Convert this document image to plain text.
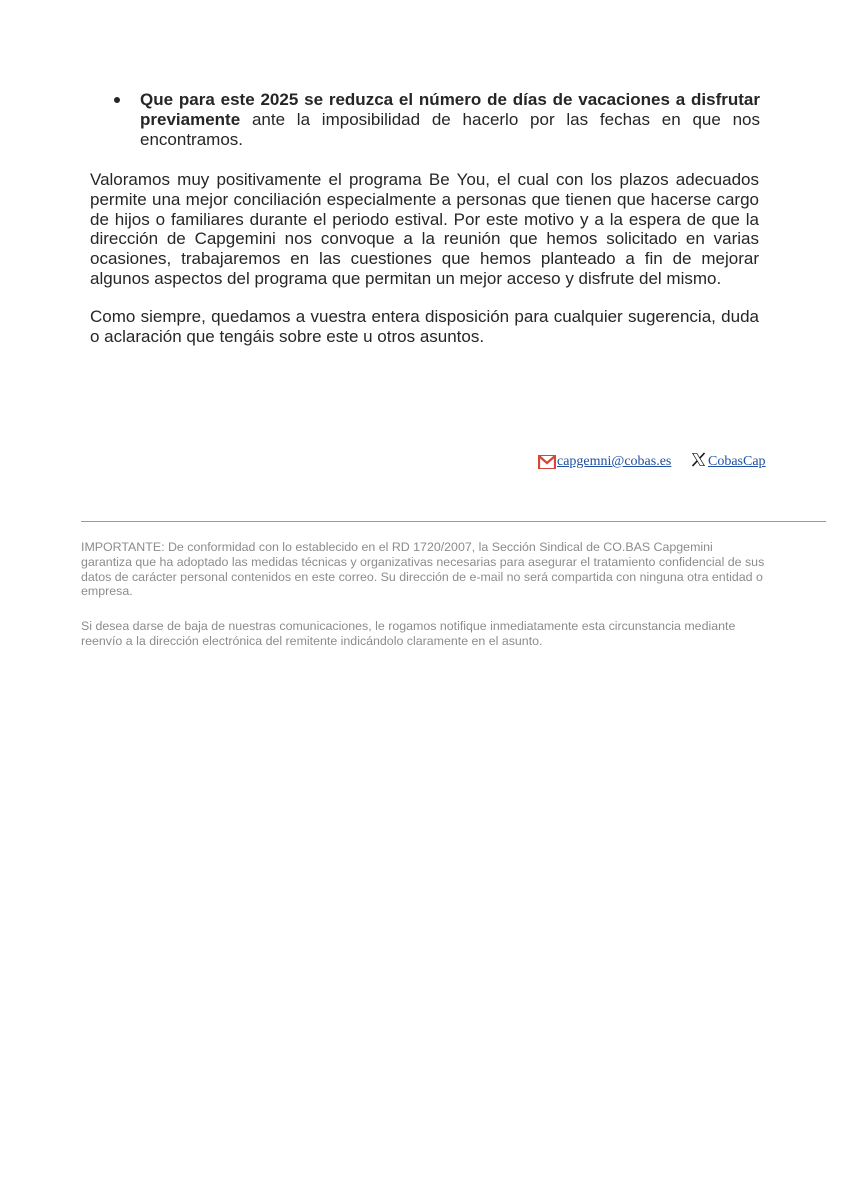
Que para este 2025 se reduzca el número de días de vacaciones a disfrutar previamente ante la imposibilidad de hacerlo por las fechas en que nos encontramos.

Valoramos muy positivamente el programa Be You, el cual con los plazos adecuados permite una mejor conciliación especialmente a personas que tienen que hacerse cargo de hijos o familiares durante el periodo estival. Por este motivo y a la espera de que la dirección de Capgemini nos convoque a la reunión que hemos solicitado en varias ocasiones, trabajaremos en las cuestiones que hemos planteado a fin de mejorar algunos aspectos del programa que permitan un mejor acceso y disfrute del mismo.

Como siempre, quedamos a vuestra entera disposición para cualquier sugerencia, duda o aclaración que tengáis sobre este u otros asuntos.

capgemni@cobas.es	CobasCap

IMPORTANTE: De conformidad con lo establecido en el RD 1720/2007, la Sección Sindical de CO.BAS Capgemini garantiza que ha adoptado las medidas técnicas y organizativas necesarias para asegurar el tratamiento confidencial de sus datos de carácter personal contenidos en este correo. Su dirección de e-mail no será compartida con ninguna otra entidad o empresa.

Si desea darse de baja de nuestras comunicaciones, le rogamos notifique inmediatamente esta circunstancia mediante reenvío a la dirección electrónica del remitente indicándolo claramente en el asunto.
